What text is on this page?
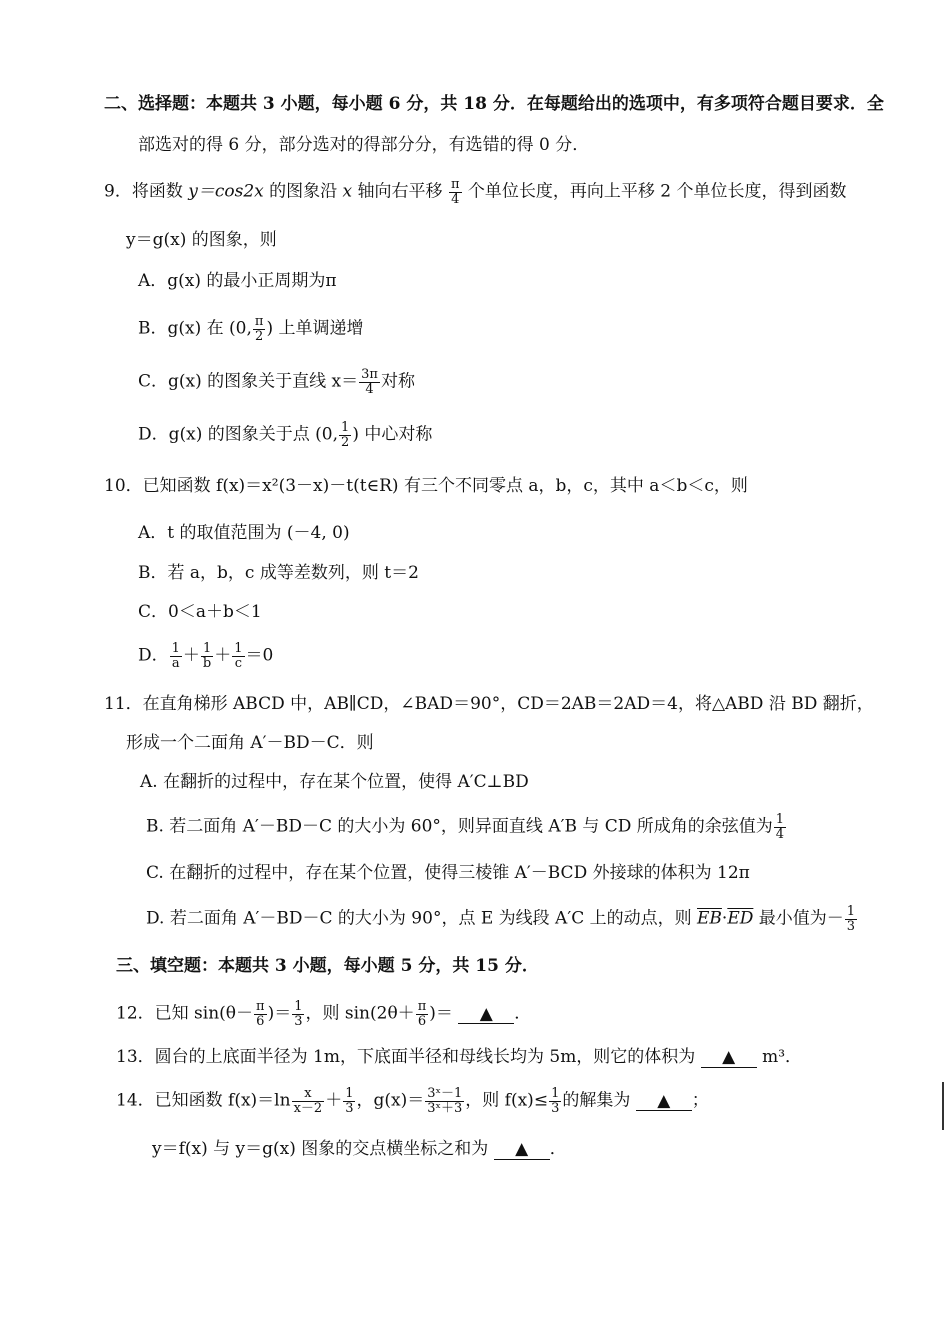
二、选择题：本题共 3 小题，每小题 6 分，共 18 分．在每题给出的选项中，有多项符合题目要求．全
部选对的得 6 分，部分选对的得部分分，有选错的得 0 分．
9．将函数 y＝cos2x 的图象沿 x 轴向右平移 $\frac{\pi}{4}$ 个单位长度，再向上平移 2 个单位长度，得到函数
y＝g(x) 的图象，则
A．g(x) 的最小正周期为π
B．g(x) 在 (0, $\frac{\pi}{2}$ ) 上单调递增
C．g(x) 的图象关于直线 $x= \frac{3\pi}{4}$ 对称
D．g(x) 的图象关于点 (0, $\frac{1}{2}$ ) 中心对称
10．已知函数 f(x)＝x²(3－x)－t(t∈R) 有三个不同零点 a，b，c，其中 a＜b＜c，则
A．t 的取值范围为 (－4, 0)
B．若 a，b，c 成等差数列，则 t＝2
C．0＜a＋b＜1
D． $\frac{1}{a} + \frac{1}{b} + \frac{1}{c} =0$
11．在直角梯形 ABCD 中，AB∥CD，∠BAD＝90°，CD＝2AB＝2AD＝4，将△ABD 沿 BD 翻折，
形成一个二面角 A′－BD－C．则
A. 在翻折的过程中，存在某个位置，使得 A′C⊥BD
B. 若二面角 A′－BD－C 的大小为 60°，则异面直线 A′B 与 CD 所成角的余弦值为 $\frac{1}{4}$
C. 在翻折的过程中，存在某个位置，使得三棱锥 A′－BCD 外接球的体积为 12π
D. 若二面角 A′－BD－C 的大小为 90°，点 E 为线段 A′C 上的动点，则 $\overline{EB}\cdot\overline{ED}$ 最小值为－ $\frac{1}{3}$
三、填空题：本题共 3 小题，每小题 5 分，共 15 分．
12．已知 $\sin(\theta- \frac{\pi}{6}$ )＝ $\frac{1}{3}$ ，则 $\sin(2\theta+ \frac{\pi}{6}$ )＝ ▲ ．
13．圆台的上底面半径为 1m，下底面半径和母线长均为 5m，则它的体积为 ▲ m³．
14．已知函数 $f(x)=\ln \frac{x}{x-2} + \frac{1}{3}$ ，$g(x)= \frac{\text{3ˣ－1}}{\text{3ˣ＋3}}$ ，则 $f(x)\le \frac{1}{3}$ 的解集为 ▲ ；
y＝f(x) 与 y＝g(x) 图象的交点横坐标之和为 ▲ ．
